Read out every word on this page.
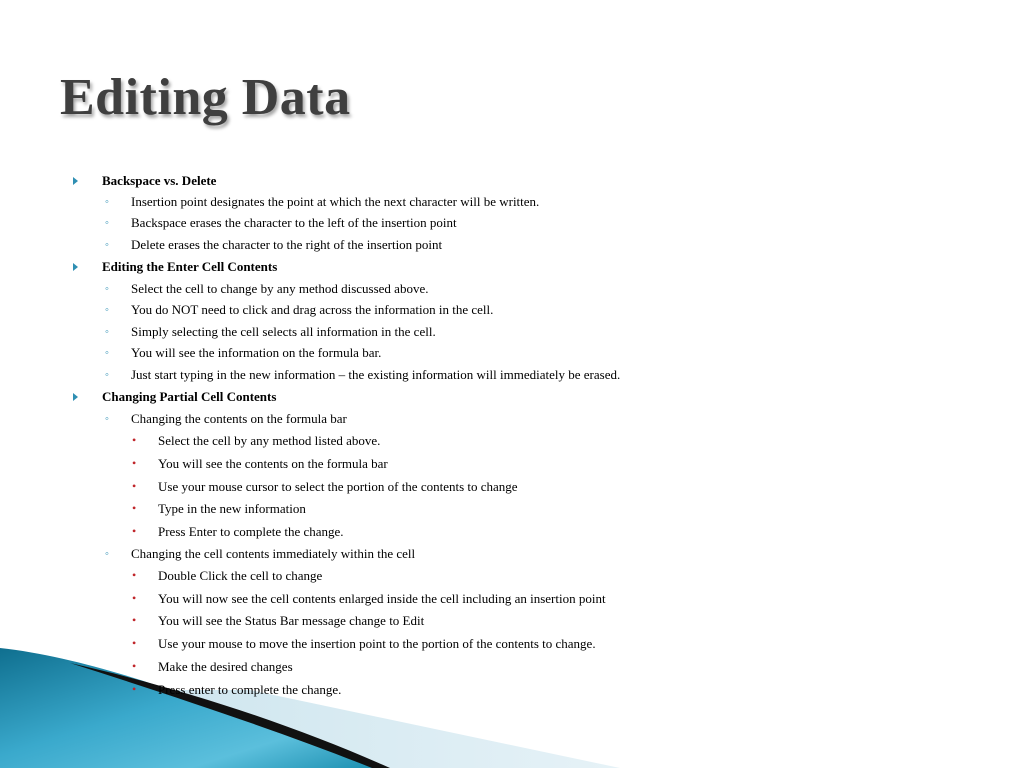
Editing Data
Backspace vs. Delete
◦ Insertion point designates the point at which the next character will be written.
◦ Backspace erases the character to the left of the insertion point
◦ Delete erases the character to the right of the insertion point
Editing the Enter Cell Contents
◦ Select the cell to change by any method discussed above.
◦ You do NOT need to click and drag across the information in the cell.
◦ Simply selecting the cell selects all information in the cell.
◦ You will see the information on the formula bar.
◦ Just start typing in the new information – the existing information will immediately be erased.
Changing Partial Cell Contents
◦ Changing the contents on the formula bar
• Select the cell by any method listed above.
• You will see the contents on the formula bar
• Use your mouse cursor to select the portion of the contents to change
• Type in the new information
• Press Enter to complete the change.
◦ Changing the cell contents immediately within the cell
• Double Click the cell to change
• You will now see the cell contents enlarged inside the cell including an insertion point
• You will see the Status Bar message change to Edit
• Use your mouse to move the insertion point to the portion of the contents to change.
• Make the desired changes
• Press enter to complete the change.
